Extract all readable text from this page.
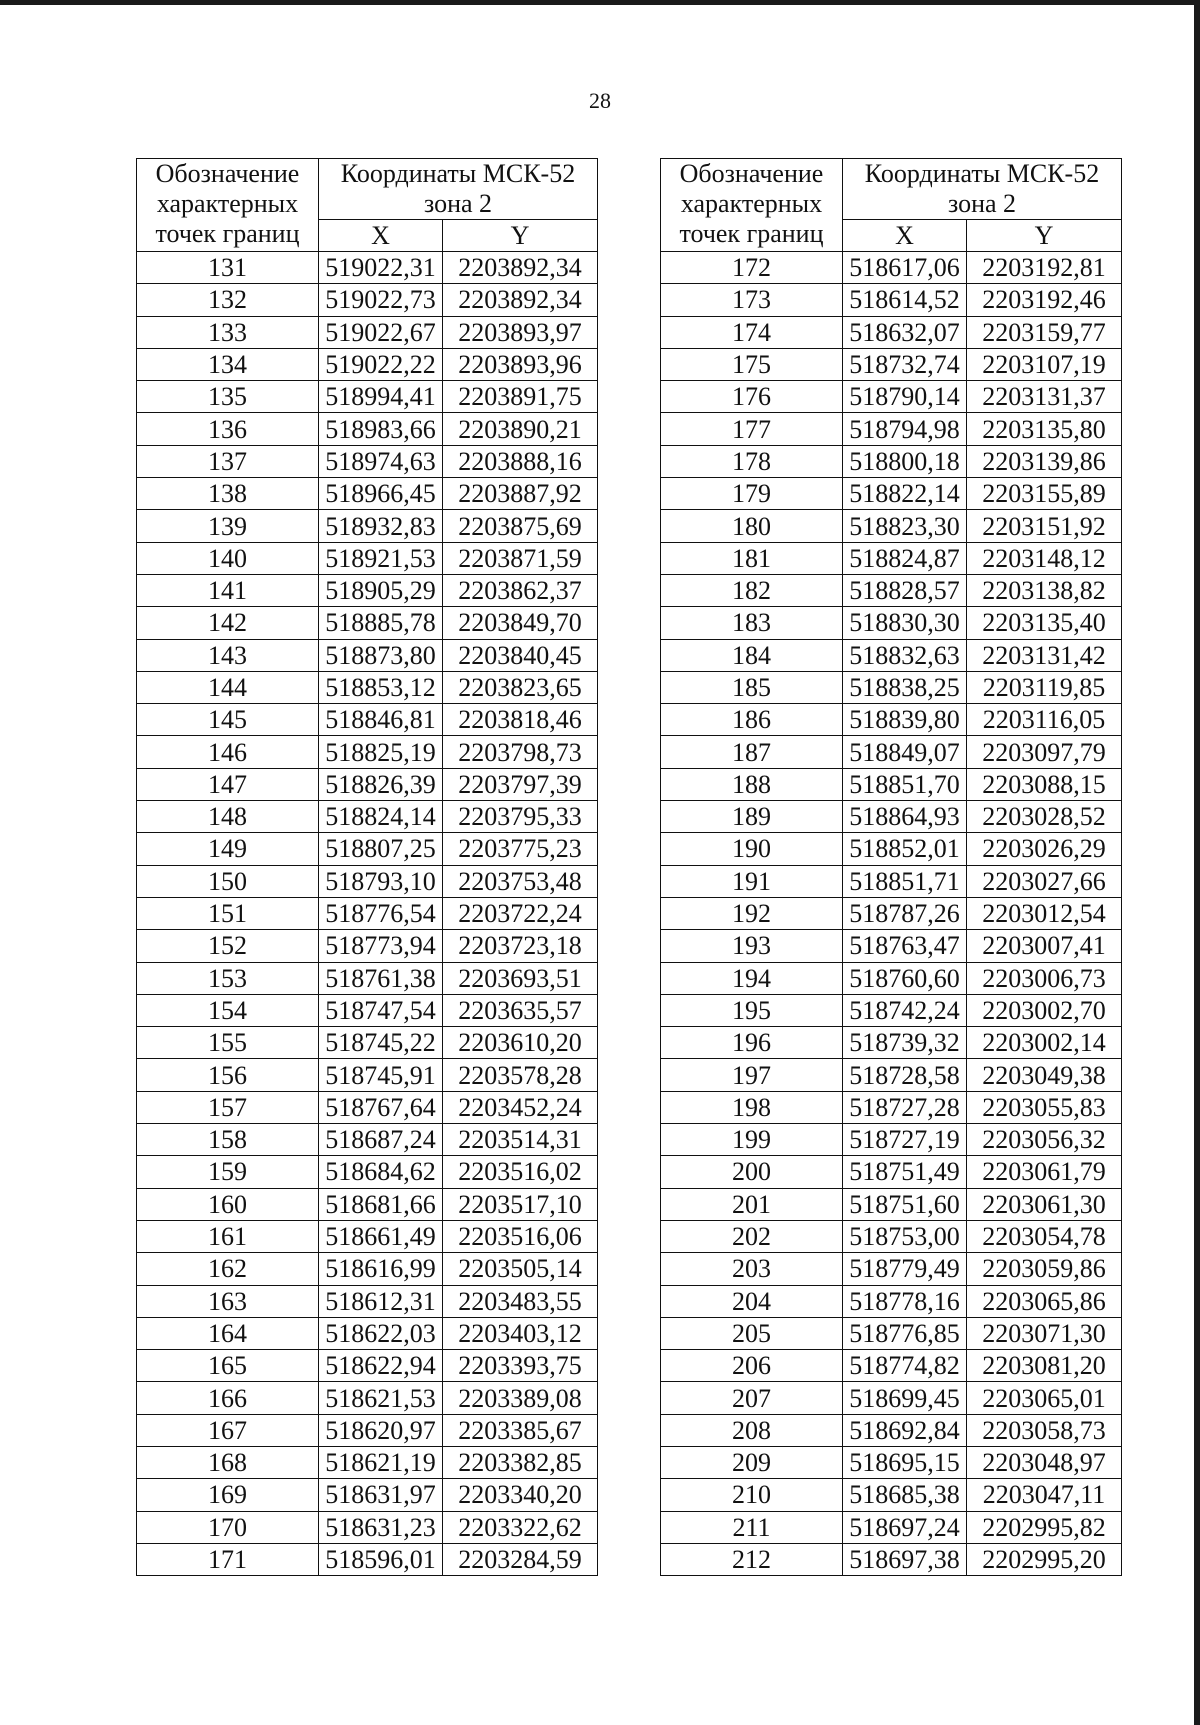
28
Обозначение
характерных
точек границ	Координаты МСК-52
зона 2	

	X	Y
131	519022,31	2203892,34
132	519022,73	2203892,34
133	519022,67	2203893,97
134	519022,22	2203893,96
135	518994,41	2203891,75
136	518983,66	2203890,21
137	518974,63	2203888,16
138	518966,45	2203887,92
139	518932,83	2203875,69
140	518921,53	2203871,59
141	518905,29	2203862,37
142	518885,78	2203849,70
143	518873,80	2203840,45
144	518853,12	2203823,65
145	518846,81	2203818,46
146	518825,19	2203798,73
147	518826,39	2203797,39
148	518824,14	2203795,33
149	518807,25	2203775,23
150	518793,10	2203753,48
151	518776,54	2203722,24
152	518773,94	2203723,18
153	518761,38	2203693,51
154	518747,54	2203635,57
155	518745,22	2203610,20
156	518745,91	2203578,28
157	518767,64	2203452,24
158	518687,24	2203514,31
159	518684,62	2203516,02
160	518681,66	2203517,10
161	518661,49	2203516,06
162	518616,99	2203505,14
163	518612,31	2203483,55
164	518622,03	2203403,12
165	518622,94	2203393,75
166	518621,53	2203389,08
167	518620,97	2203385,67
168	518621,19	2203382,85
169	518631,97	2203340,20
170	518631,23	2203322,62
171	518596,01	2203284,59
Обозначение
характерных
точек границ	Координаты МСК-52
зона 2	

	X	Y
172	518617,06	2203192,81
173	518614,52	2203192,46
174	518632,07	2203159,77
175	518732,74	2203107,19
176	518790,14	2203131,37
177	518794,98	2203135,80
178	518800,18	2203139,86
179	518822,14	2203155,89
180	518823,30	2203151,92
181	518824,87	2203148,12
182	518828,57	2203138,82
183	518830,30	2203135,40
184	518832,63	2203131,42
185	518838,25	2203119,85
186	518839,80	2203116,05
187	518849,07	2203097,79
188	518851,70	2203088,15
189	518864,93	2203028,52
190	518852,01	2203026,29
191	518851,71	2203027,66
192	518787,26	2203012,54
193	518763,47	2203007,41
194	518760,60	2203006,73
195	518742,24	2203002,70
196	518739,32	2203002,14
197	518728,58	2203049,38
198	518727,28	2203055,83
199	518727,19	2203056,32
200	518751,49	2203061,79
201	518751,60	2203061,30
202	518753,00	2203054,78
203	518779,49	2203059,86
204	518778,16	2203065,86
205	518776,85	2203071,30
206	518774,82	2203081,20
207	518699,45	2203065,01
208	518692,84	2203058,73
209	518695,15	2203048,97
210	518685,38	2203047,11
211	518697,24	2202995,82
212	518697,38	2202995,20
